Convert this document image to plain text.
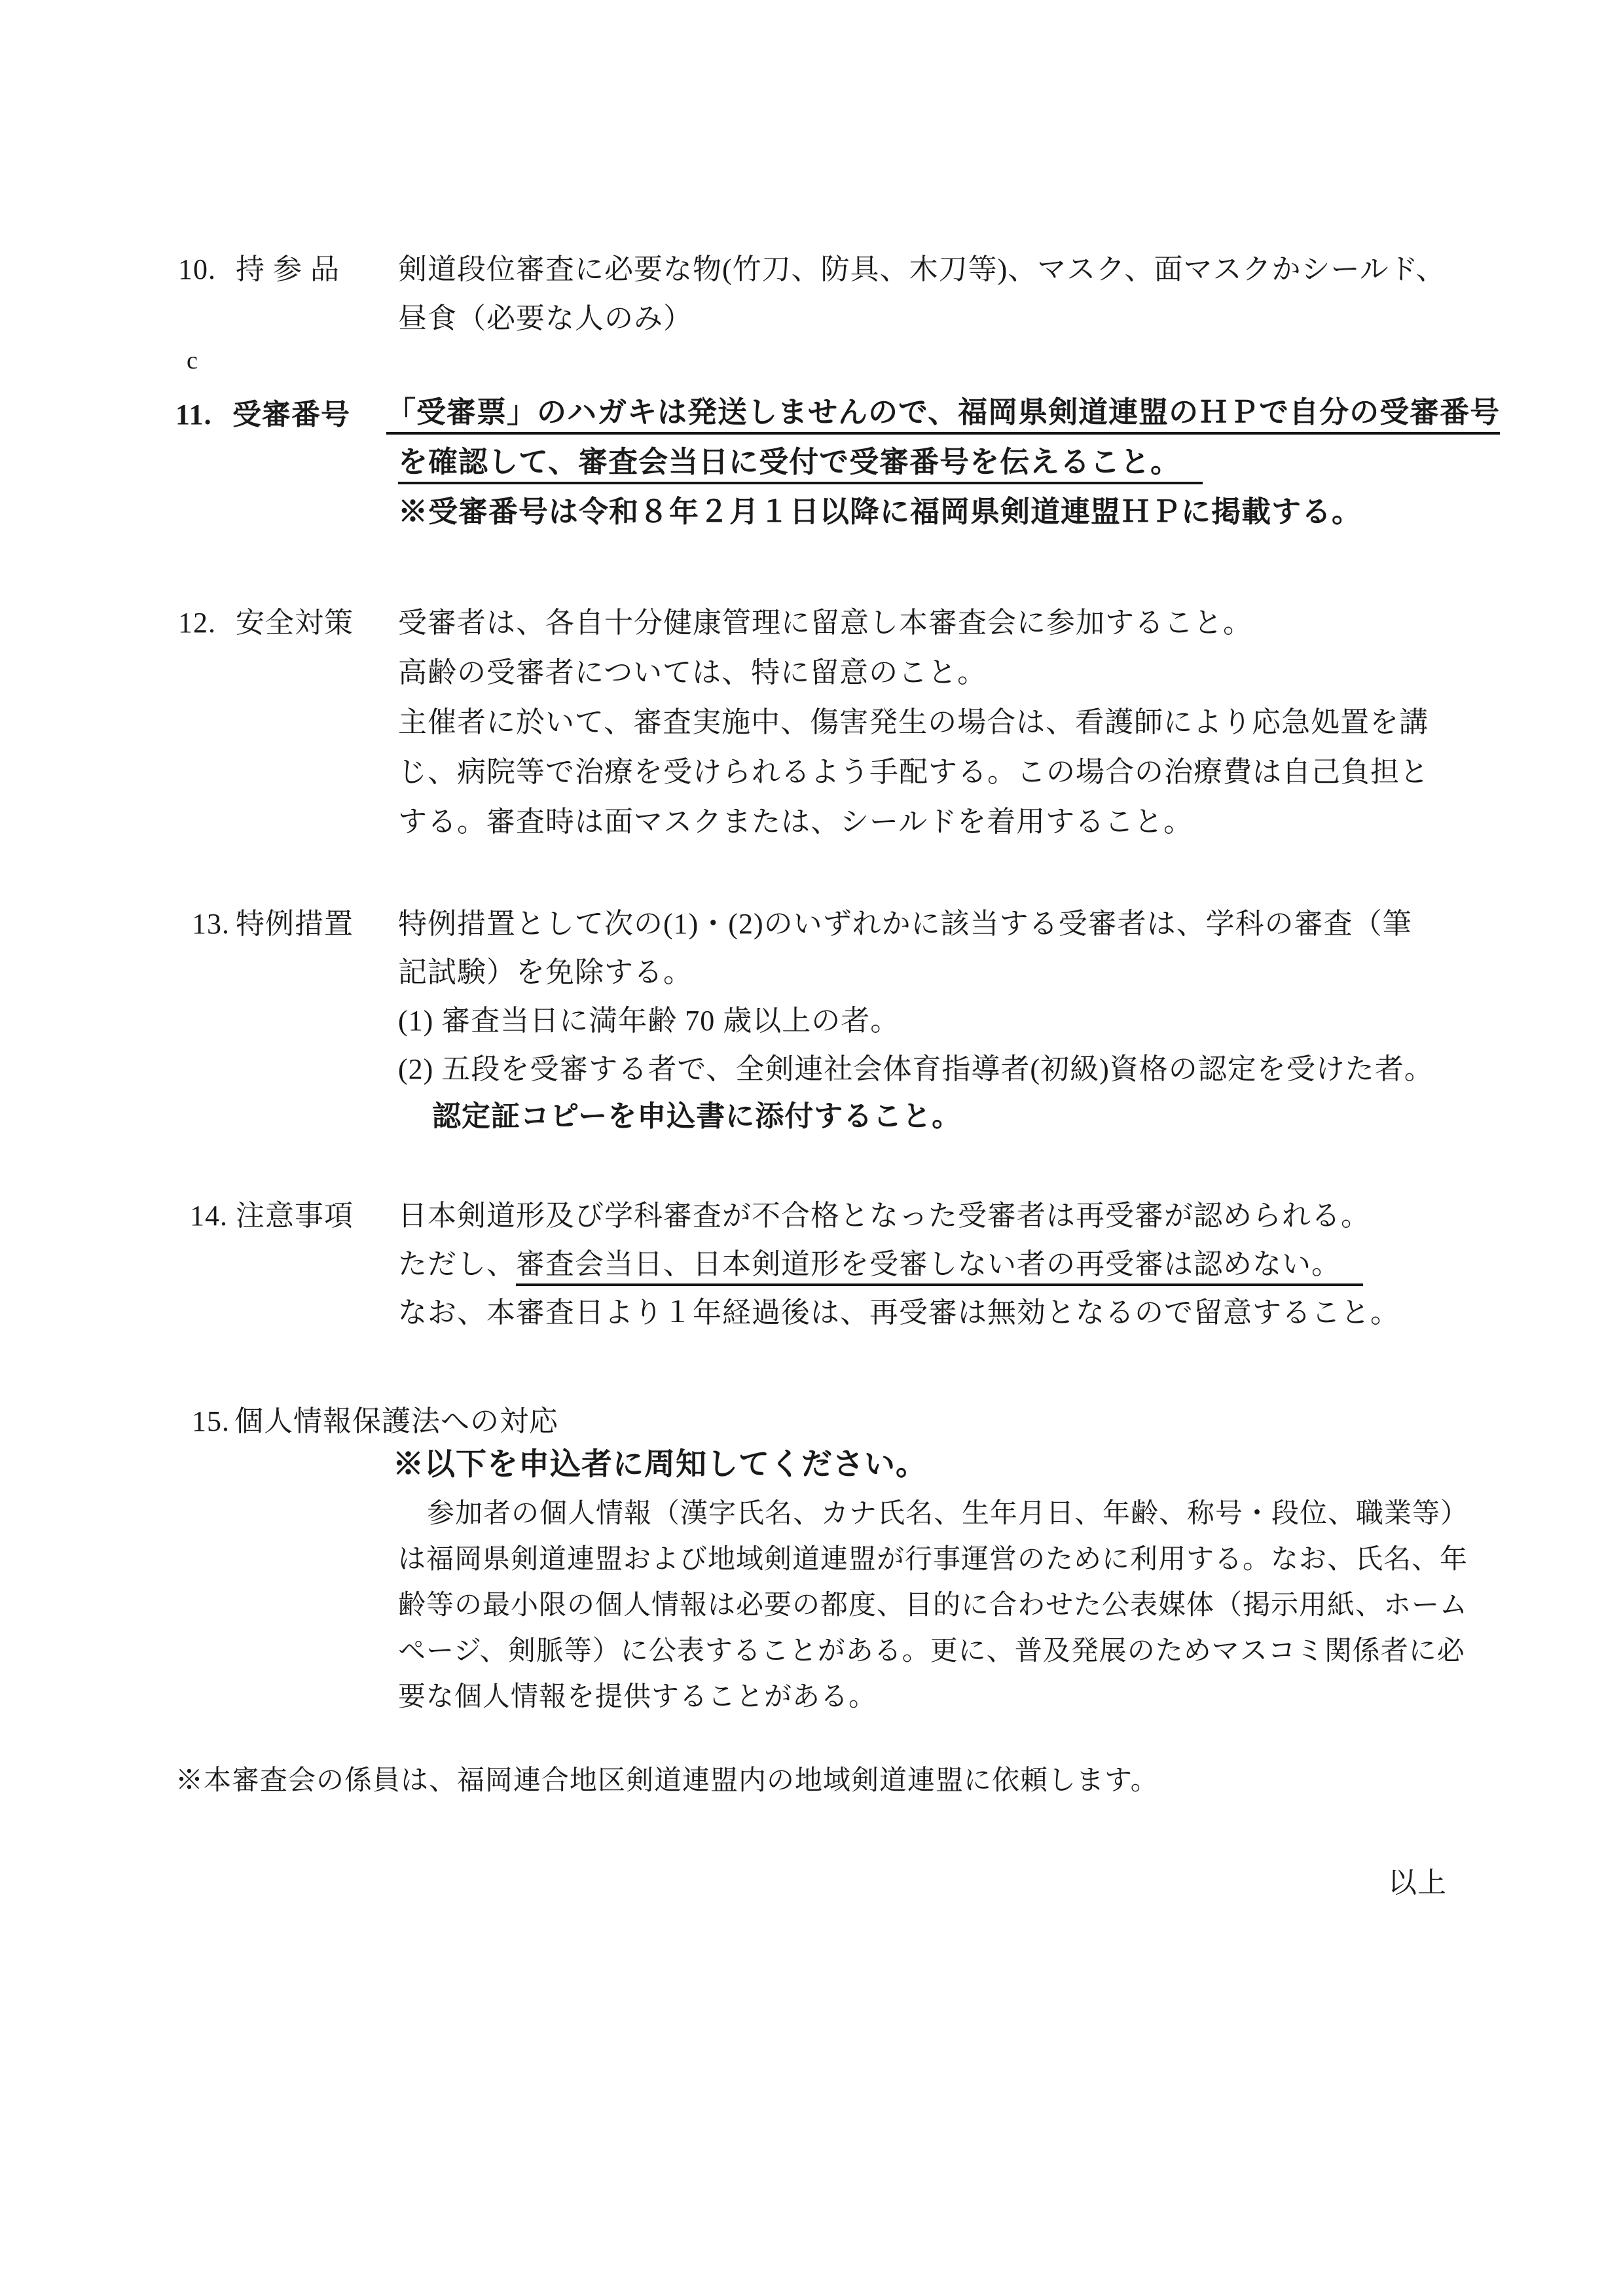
10. 持 参 品 剣道段位審査に必要な物(竹刀、防具、木刀等)、マスク、面マスクかシールド、
昼食（必要な人のみ）
c
11. 受審番号 「受審票」のハガキは発送しませんので、福岡県剣道連盟のＨＰで自分の受審番号
を確認して、審査会当日に受付で受審番号を伝えること。
※受審番号は令和８年２月１日以降に福岡県剣道連盟ＨＰに掲載する。
12. 安全対策 受審者は、各自十分健康管理に留意し本審査会に参加すること。
高齢の受審者については、特に留意のこと。
主催者に於いて、審査実施中、傷害発生の場合は、看護師により応急処置を講
じ、病院等で治療を受けられるよう手配する。この場合の治療費は自己負担と
する。審査時は面マスクまたは、シールドを着用すること。
13. 特例措置 特例措置として次の(1)・(2)のいずれかに該当する受審者は、学科の審査（筆
記試験）を免除する。
(1) 審査当日に満年齢 70 歳以上の者。
(2) 五段を受審する者で、全剣連社会体育指導者(初級)資格の認定を受けた者。
認定証コピーを申込書に添付すること。
14. 注意事項 日本剣道形及び学科審査が不合格となった受審者は再受審が認められる。
ただし、審査会当日、日本剣道形を受審しない者の再受審は認めない。
なお、本審査日より１年経過後は、再受審は無効となるので留意すること。
15. 個人情報保護法への対応
※以下を申込者に周知してください。
参加者の個人情報（漢字氏名、カナ氏名、生年月日、年齢、称号・段位、職業等）
は福岡県剣道連盟および地域剣道連盟が行事運営のために利用する。なお、氏名、年
齢等の最小限の個人情報は必要の都度、目的に合わせた公表媒体（掲示用紙、ホーム
ページ、剣脈等）に公表することがある。更に、普及発展のためマスコミ関係者に必
要な個人情報を提供することがある。
※本審査会の係員は、福岡連合地区剣道連盟内の地域剣道連盟に依頼します。
以上
